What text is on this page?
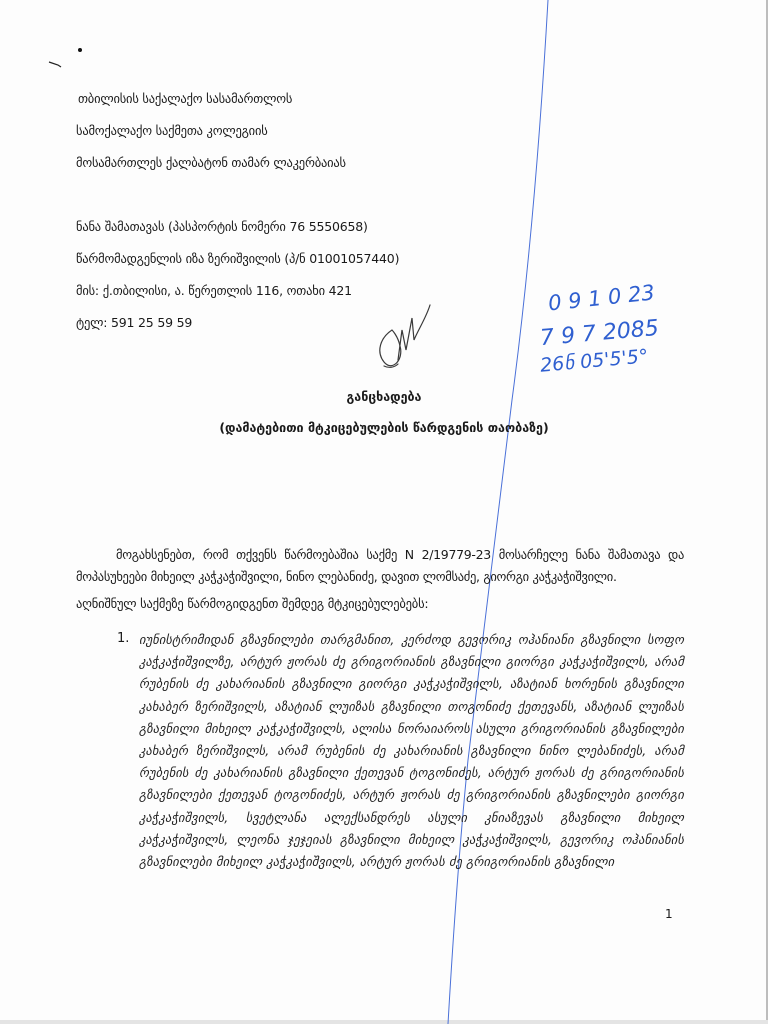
თბილისის საქალაქო სასამართლოს
სამოქალაქო საქმეთა კოლეგიის
მოსამართლეს ქალბატონ თამარ ლაკერბაიას
ნანა შამათავას (პასპორტის ნომერი 76 5550658)
წარმომადგენლის იზა ზერიშვილის (პ/ნ 01001057440)
მის: ქ.თბილისი, ა. წერეთლის 116, ოთახი 421
ტელ: 591 25 59 59
0 9 1 0 23
7 9 7 2085
26ნ 05'5'5°
განცხადება
(დამატებითი მტკიცებულების წარდგენის თაობაზე)
მოგახსენებთ, რომ თქვენს წარმოებაშია საქმე N 2/19779-23 მოსარჩელე ნანა შამათავა და მოპასუხეები მიხეილ კაჭკაჭიშვილი, ნინო ლებანიძე, დავით ლომსაძე, გიორგი კაჭკაჭიშვილი.
აღნიშნულ საქმეზე წარმოგიდგენთ შემდეგ მტკიცებულებებს:
1. იუნისტრიმიდან გზავნილები თარგმანით, კერძოდ გევორიკ ოჰანიანი გზავნილი სოფო კაჭკაჭიშვილზე, არტურ ჟორას ძე გრიგორიანის გზავნილი გიორგი კაჭკაჭიშვილს, არამ რუბენის ძე კახარიანის გზავნილი გიორგი კაჭკაჭიშვილს, აზატიან ხორენის გზავნილი კახაბერ ზერიშვილს, აზატიან ლუიზას გზავნილი თოგონიძე ქეთევანს, აზატიან ლუიზას გზავნილი მიხეილ კაჭკაჭიშვილს, ალისა ნორაიაროს ასული გრიგორიანის გზავნილები კახაბერ ზერიშვილს, არამ რუბენის ძე კახარიანის გზავნილი ნინო ლებანიძეს, არამ რუბენის ძე კახარიანის გზავნილი ქეთევან ტოგონიძეს, არტურ ჟორას ძე გრიგორიანის გზავნილები ქეთევან ტოგონიძეს, არტურ ჟორას ძე გრიგორიანის გზავნილები გიორგი კაჭკაჭიშვილს, სვეტლანა ალექსანდრეს ასული კნიაზევას გზავნილი მიხეილ კაჭკაჭიშვილს, ლეონა ჯეჯეიას გზავნილი მიხეილ კაჭკაჭიშვილს, გევორიკ ოჰანიანის გზავნილები მიხეილ კაჭკაჭიშვილს, არტურ ჟორას ძე გრიგორიანის გზავნილი
1
